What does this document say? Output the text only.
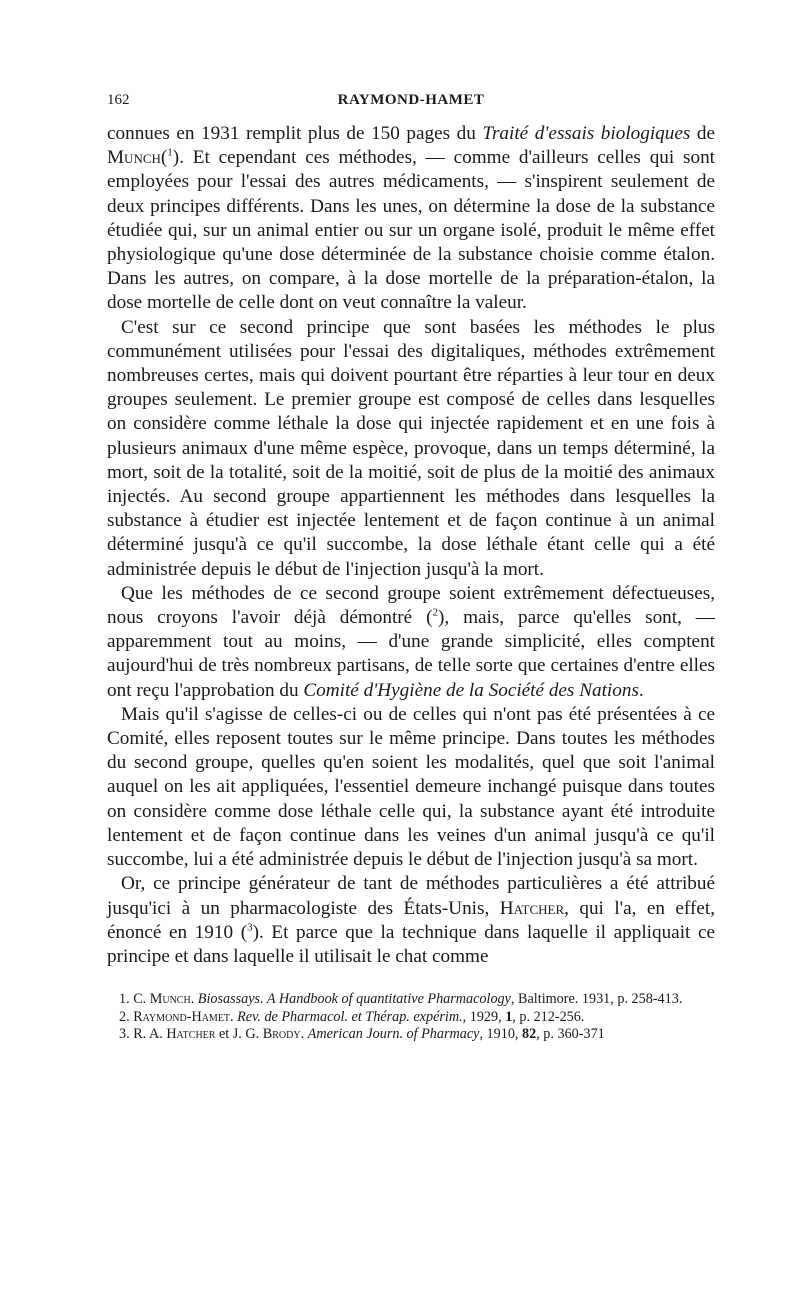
162	RAYMOND-HAMET

connues en 1931 remplit plus de 150 pages du Traité d'essais biologiques de Munch($^1$). Et cependant ces méthodes, — comme d'ailleurs celles qui sont employées pour l'essai des autres médicaments, — s'inspirent seulement de deux principes différents. Dans les unes, on détermine la dose de la substance étudiée qui, sur un animal entier ou sur un organe isolé, produit le même effet physiologique qu'une dose déterminée de la substance choisie comme étalon. Dans les autres, on compare, à la dose mortelle de la préparation-étalon, la dose mortelle de celle dont on veut connaître la valeur.

C'est sur ce second principe que sont basées les méthodes le plus communément utilisées pour l'essai des digitaliques, méthodes extrêmement nombreuses certes, mais qui doivent pourtant être réparties à leur tour en deux groupes seulement. Le premier groupe est composé de celles dans lesquelles on considère comme léthale la dose qui injectée rapidement et en une fois à plusieurs animaux d'une même espèce, provoque, dans un temps déterminé, la mort, soit de la totalité, soit de la moitié, soit de plus de la moitié des animaux injectés. Au second groupe appartiennent les méthodes dans lesquelles la substance à étudier est injectée lentement et de façon continue à un animal déterminé jusqu'à ce qu'il succombe, la dose léthale étant celle qui a été administrée depuis le début de l'injection jusqu'à la mort.

Que les méthodes de ce second groupe soient extrêmement défectueuses, nous croyons l'avoir déjà démontré ($^2$), mais, parce qu'elles sont, — apparemment tout au moins, — d'une grande simplicité, elles comptent aujourd'hui de très nombreux partisans, de telle sorte que certaines d'entre elles ont reçu l'approbation du Comité d'Hygiène de la Société des Nations.

Mais qu'il s'agisse de celles-ci ou de celles qui n'ont pas été présentées à ce Comité, elles reposent toutes sur le même principe. Dans toutes les méthodes du second groupe, quelles qu'en soient les modalités, quel que soit l'animal auquel on les ait appliquées, l'essentiel demeure inchangé puisque dans toutes on considère comme dose léthale celle qui, la substance ayant été introduite lentement et de façon continue dans les veines d'un animal jusqu'à ce qu'il succombe, lui a été administrée depuis le début de l'injection jusqu'à sa mort.

Or, ce principe générateur de tant de méthodes particulières a été attribué jusqu'ici à un pharmacologiste des États-Unis, Hatcher, qui l'a, en effet, énoncé en 1910 ($^3$). Et parce que la technique dans laquelle il appliquait ce principe et dans laquelle il utilisait le chat comme

1. C. Munch. Biosassays. A Handbook of quantitative Pharmacology, Baltimore. 1931, p. 258-413.

2. Raymond-Hamet. Rev. de Pharmacol. et Thérap. expérim., 1929, 1, p. 212-256.

3. R. A. Hatcher et J. G. Brody. American Journ. of Pharmacy, 1910, 82, p. 360-371
